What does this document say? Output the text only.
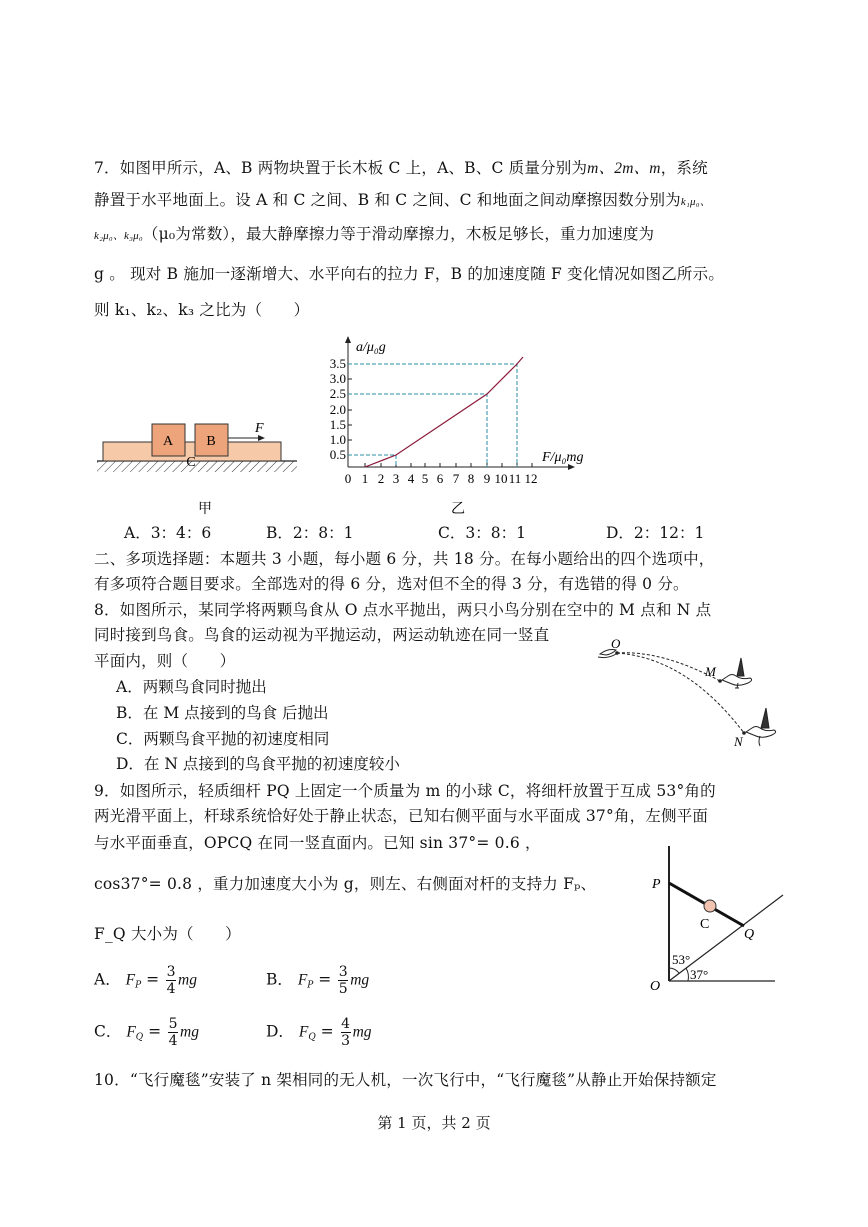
7．如图甲所示，A、B 两物块置于长木板 C 上，A、B、C 质量分别为m、2m、m，系统
静置于水平地面上。设 A 和 C 之间、B 和 C 之间、C 和地面之间动摩擦因数分别为k₁μ₀、
k₂μ₀、k₃μ₀（μ₀为常数），最大静摩擦力等于滑动摩擦力，木板足够长，重力加速度为
g 。 现对 B 施加一逐渐增大、水平向右的拉力 F，B 的加速度随 F 变化情况如图乙所示。
则 k₁、k₂、k₃ 之比为（　　）
A B
C
F
甲
0.5
1.0
1.5
2.0
2.5
3.0
3.5
0 1 2 3 4 5 6 7 8 9 10 11 12
a/μ₀g
F/μ₀mg
乙
A．3：4：6	B．2：8：1	C．3：8：1	D．2：12：1
二、多项选择题：本题共 3 小题，每小题 6 分，共 18 分。在每小题给出的四个选项中，
有多项符合题目要求。全部选对的得 6 分，选对但不全的得 3 分，有选错的得 0 分。
8．如图所示，某同学将两颗鸟食从 O 点水平抛出，两只小鸟分别在空中的 M 点和 N 点
同时接到鸟食。鸟食的运动视为平抛运动，两运动轨迹在同一竖直
平面内，则（　　）
A．两颗鸟食同时抛出
B．在 M 点接到的鸟食 后抛出
C．两颗鸟食平抛的初速度相同
D．在 N 点接到的鸟食平抛的初速度较小
O
M
N
9．如图所示，轻质细杆 PQ 上固定一个质量为 m 的小球 C，将细杆放置于互成 53°角的
两光滑平面上，杆球系统恰好处于静止状态，已知右侧平面与水平面成 37°角，左侧平面
与水平面垂直，OPCQ 在同一竖直面内。已知 sin 37°= 0.6 ，
cos37°= 0.8 ，重力加速度大小为 g，则左、右侧面对杆的支持力 Fₚ、
F_Q 大小为（　　）
A． $F_P = \frac{3}{4}$ mg	B． $F_P = \frac{3}{5}$ mg
C． $F_Q = \frac{5}{4}$ mg	D． $F_Q = \frac{4}{3}$ mg
P
C
Q
O
53°
37°
10．“飞行魔毯”安装了 n 架相同的无人机，一次飞行中，“飞行魔毯”从静止开始保持额定
第 1 页，共 2 页
